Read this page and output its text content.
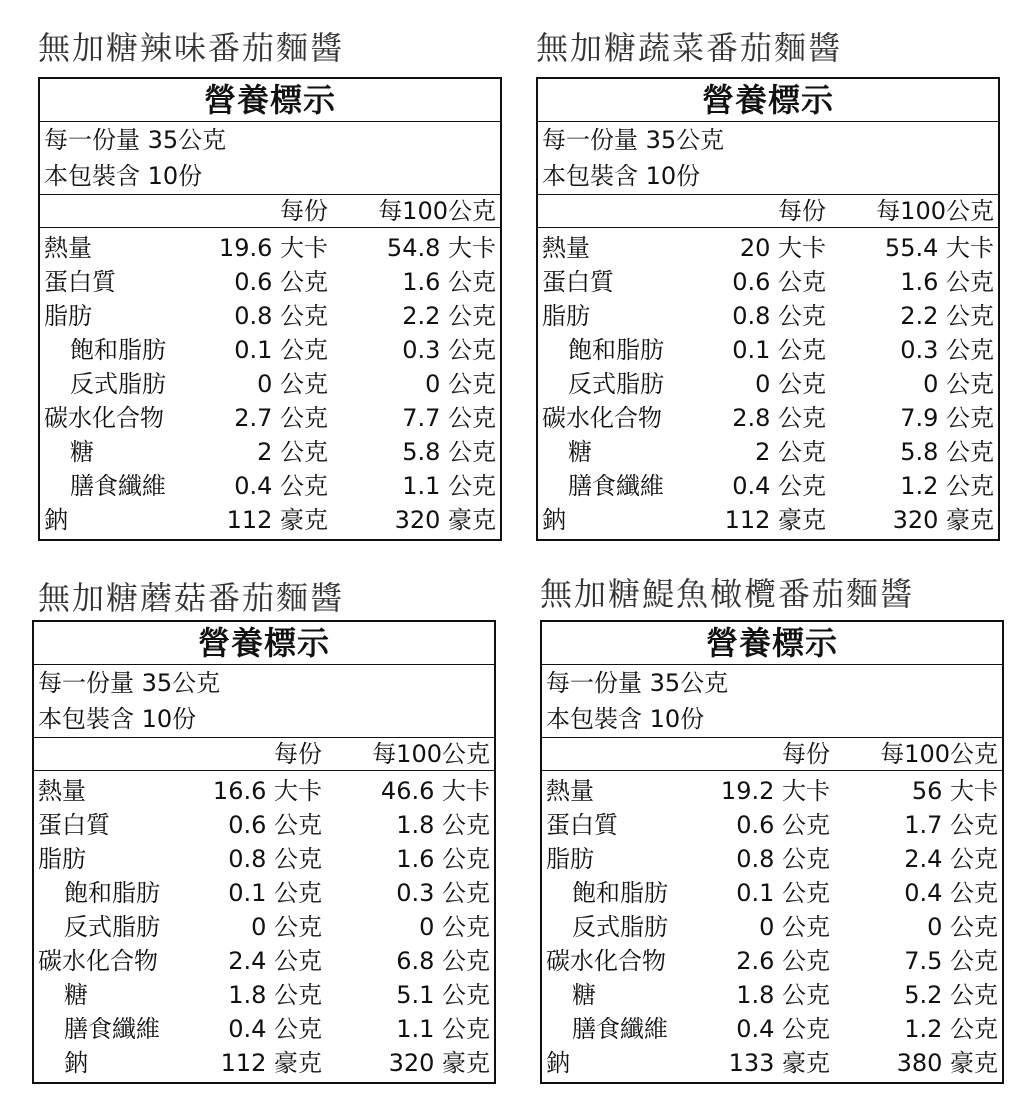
無加糖辣味番茄麵醬
營養標示
每一份量 35公克
本包裝含 10份
每份 每100公克
熱量	19.6 大卡 54.8 大卡
蛋白質	0.6 公克	1.6 公克
脂肪	0.8 公克	2.2 公克
飽和脂肪	0.1 公克	0.3 公克
反式脂肪	0 公克	0 公克
碳水化合物	2.7 公克	7.7 公克
糖	2 公克	5.8 公克
膳食纖維	0.4 公克	1.1 公克
鈉	112 豪克	320 豪克
無加糖蔬菜番茄麵醬
營養標示
每一份量 35公克
本包裝含 10份
每份 每100公克
熱量	20 大卡 55.4 大卡
蛋白質	0.6 公克	1.6 公克
脂肪	0.8 公克	2.2 公克
飽和脂肪	0.1 公克	0.3 公克
反式脂肪	0 公克	0 公克
碳水化合物	2.8 公克	7.9 公克
糖	2 公克	5.8 公克
膳食纖維	0.4 公克	1.2 公克
鈉	112 豪克	320 豪克
無加糖蘑菇番茄麵醬
營養標示
每一份量 35公克
本包裝含 10份
每份 每100公克
熱量	16.6 大卡 46.6 大卡
蛋白質	0.6 公克	1.8 公克
脂肪	0.8 公克	1.6 公克
飽和脂肪	0.1 公克	0.3 公克
反式脂肪	0 公克	0 公克
碳水化合物	2.4 公克	6.8 公克
糖	1.8 公克	5.1 公克
膳食纖維	0.4 公克	1.1 公克
鈉	112 豪克	320 豪克
無加糖鯷魚橄欖番茄麵醬
營養標示
每一份量 35公克
本包裝含 10份
每份 每100公克
熱量	19.2 大卡	56 大卡
蛋白質	0.6 公克	1.7 公克
脂肪	0.8 公克	2.4 公克
飽和脂肪	0.1 公克	0.4 公克
反式脂肪	0 公克	0 公克
碳水化合物	2.6 公克	7.5 公克
糖	1.8 公克	5.2 公克
膳食纖維	0.4 公克	1.2 公克
鈉	133 豪克	380 豪克
